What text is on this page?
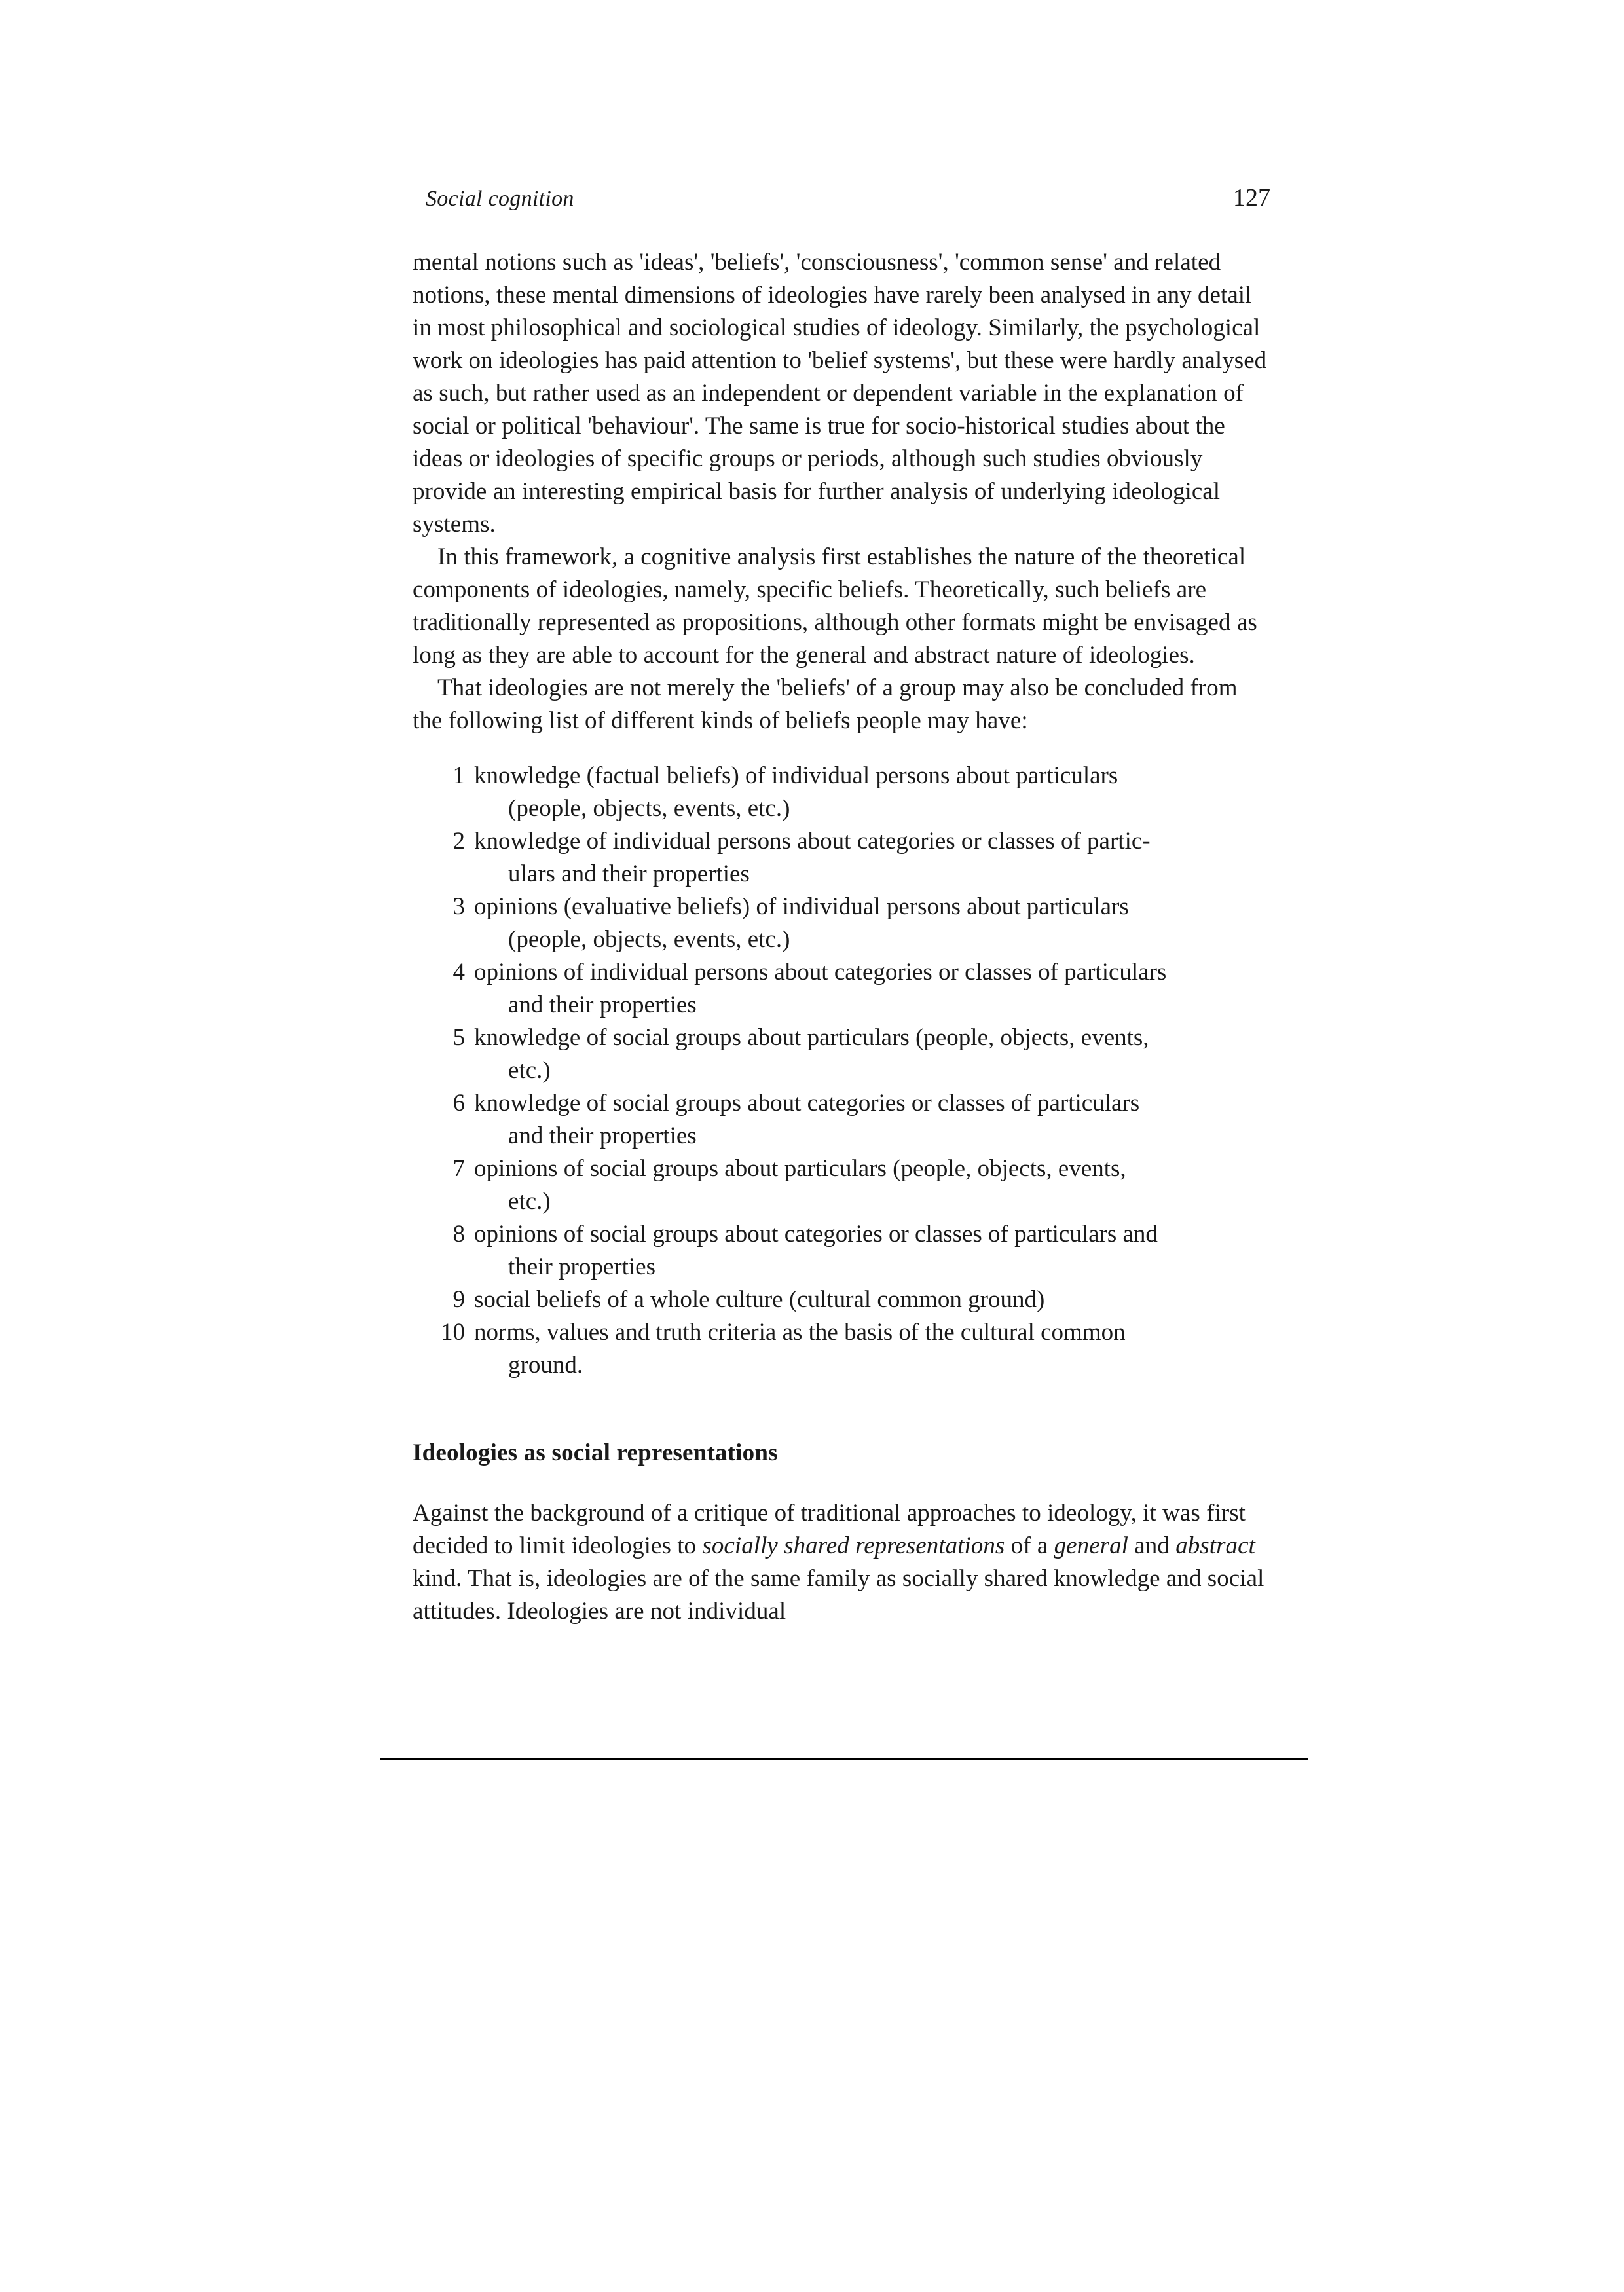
Social cognition	127

mental notions such as 'ideas', 'beliefs', 'consciousness', 'common sense' and related notions, these mental dimensions of ideologies have rarely been analysed in any detail in most philosophical and sociological studies of ideology. Similarly, the psychological work on ideologies has paid attention to 'belief systems', but these were hardly analysed as such, but rather used as an independent or dependent variable in the explanation of social or political 'behaviour'. The same is true for socio-historical studies about the ideas or ideologies of specific groups or periods, although such studies obviously provide an interesting empirical basis for further analysis of underlying ideological systems.

In this framework, a cognitive analysis first establishes the nature of the theoretical components of ideologies, namely, specific beliefs. Theoretically, such beliefs are traditionally represented as propositions, although other formats might be envisaged as long as they are able to account for the general and abstract nature of ideologies.

That ideologies are not merely the 'beliefs' of a group may also be concluded from the following list of different kinds of beliefs people may have:

1 knowledge (factual beliefs) of individual persons about particulars
(people, objects, events, etc.)
2 knowledge of individual persons about categories or classes of partic-
ulars and their properties
3 opinions (evaluative beliefs) of individual persons about particulars
(people, objects, events, etc.)
4 opinions of individual persons about categories or classes of particulars
and their properties
5 knowledge of social groups about particulars (people, objects, events,
etc.)
6 knowledge of social groups about categories or classes of particulars
and their properties
7 opinions of social groups about particulars (people, objects, events,
etc.)
8 opinions of social groups about categories or classes of particulars and
their properties
9 social beliefs of a whole culture (cultural common ground)
10 norms, values and truth criteria as the basis of the cultural common
ground.
Ideologies as social representations

Against the background of a critique of traditional approaches to ideology, it was first decided to limit ideologies to socially shared representations of a general and abstract kind. That is, ideologies are of the same family as socially shared knowledge and social attitudes. Ideologies are not individual
